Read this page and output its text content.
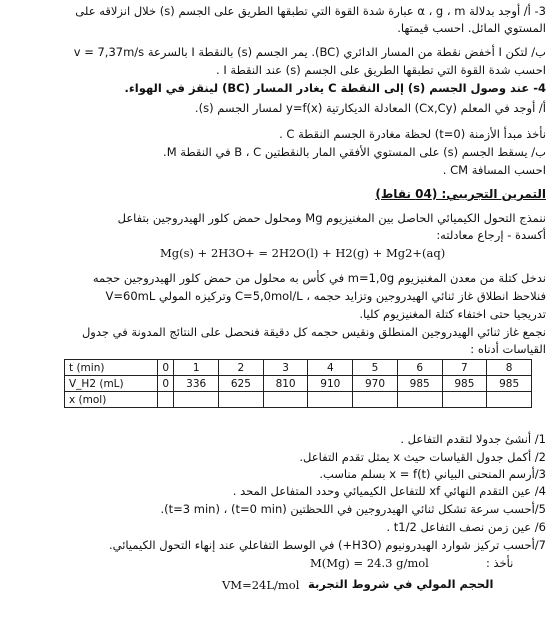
3- أ/ أوجد بدلالة α ، g ، m عبارة شدة القوة التي تطبقها الطريق على الجسم (s) خلال انزلاقه على
المستوي المائل. احسب قيمتها.
ب/ لتكن I أخفض نقطة من المسار الدائري (BC). يمر الجسم (s) بالنقطة I بالسرعة v = 7,37m/s
احسب شدة القوة التي تطبقها الطريق على الجسم (s) عند النقطة I .
4- عند وصول الجسم (s) إلى النقطة C يغادر المسار (BC) لينقز في الهواء.
أ/ أوجد في المعلم (Cx,Cy) المعادلة الديكارتية y=f(x) لمسار الجسم (s).
نأخذ مبدأ الأزمنة (t=0) لحظة مغادرة الجسم النقطة C .
ب/ يسقط الجسم (s) على المستوي الأفقي المار بالنقطتين B ، C في النقطة M.
احسب المسافة CM .
التمرين التجريبي: (04 نقاط)
ننمذج التحول الكيميائي الحاصل بين المغنيزيوم Mg ومحلول حمض كلور الهيدروجين بتفاعل
أكسدة - إرجاع معادلته:
Mg(s) + 2H3O+ = 2H2O(l) + H2(g) + Mg2+(aq)
ندخل كتلة من معدن المغنيزيوم m=1,0g في كأس به محلول من حمض كلور الهيدروجين حجمه
V=60mL وتركيزه المولي C=5,0mol/L ، فنلاحظ انطلاق غاز ثنائي الهيدروجين وتزايد حجمه
تدريجيا حتى اختفاء كتلة المغنيزيوم كليا.
نجمع غاز ثنائي الهيدروجين المنطلق ونقيس حجمه كل دقيقة فنحصل على النتائج المدونة في جدول
القياسات أدناه :
t (min)	0	1	2	3	4	5	6	7	8
V_H2 (mL)	0	336	625	810	910	970	985	985	985
x (mol)									
1/ أنشئ جدولا لتقدم التفاعل .
2/ أكمل جدول القياسات حيث x يمثل تقدم التفاعل.
3/أرسم المنحنى البياني x = f(t) بسلم مناسب.
4/ عين التقدم النهائي xf للتفاعل الكيميائي وحدد المتفاعل المحد .
5/أحسب سرعة تشكل ثنائي الهيدروجين في اللحظتين (t=0 min) ، (t=3 min).
6/ عين زمن نصف التفاعل t1/2 .
7/أحسب تركيز شوارد الهيدرونيوم (H3O+) في الوسط التفاعلي عند إنهاء التحول الكيميائي.
نأخذ :
M(Mg) = 24.3 g/mol
VM=24L/mol الحجم المولي في شروط التجربة
